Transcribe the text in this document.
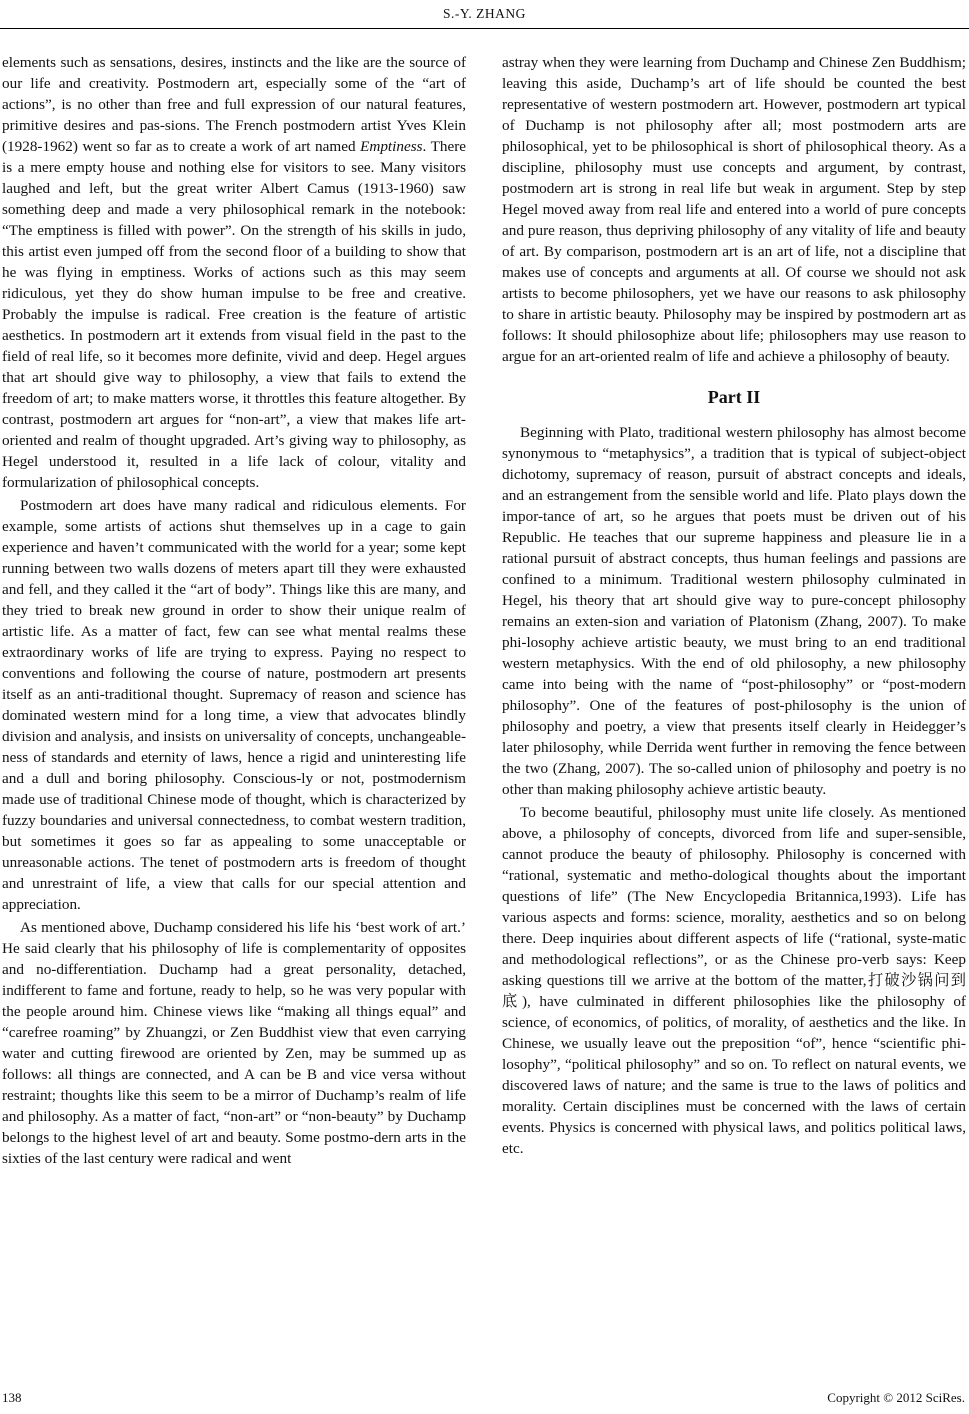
S.-Y. ZHANG

elements such as sensations, desires, instincts and the like are the source of our life and creativity. Postmodern art, especially some of the “art of actions”, is no other than free and full expression of our natural features, primitive desires and pas-sions. The French postmodern artist Yves Klein (1928-1962) went so far as to create a work of art named Emptiness. There is a mere empty house and nothing else for visitors to see. Many visitors laughed and left, but the great writer Albert Camus (1913-1960) saw something deep and made a very philosophical remark in the notebook: “The emptiness is filled with power”. On the strength of his skills in judo, this artist even jumped off from the second floor of a building to show that he was flying in emptiness. Works of actions such as this may seem ridiculous, yet they do show human impulse to be free and creative. Probably the impulse is radical. Free creation is the feature of artistic aesthetics. In postmodern art it extends from visual field in the past to the field of real life, so it becomes more definite, vivid and deep. Hegel argues that art should give way to philosophy, a view that fails to extend the freedom of art; to make matters worse, it throttles this feature altogether. By contrast, postmodern art argues for “non-art”, a view that makes life art-oriented and realm of thought upgraded. Art’s giving way to philosophy, as Hegel understood it, resulted in a life lack of colour, vitality and formularization of philosophical concepts.

Postmodern art does have many radical and ridiculous elements. For example, some artists of actions shut themselves up in a cage to gain experience and haven’t communicated with the world for a year; some kept running between two walls dozens of meters apart till they were exhausted and fell, and they called it the “art of body”. Things like this are many, and they tried to break new ground in order to show their unique realm of artistic life. As a matter of fact, few can see what mental realms these extraordinary works of life are trying to express. Paying no respect to conventions and following the course of nature, postmodern art presents itself as an anti-traditional thought. Supremacy of reason and science has dominated western mind for a long time, a view that advocates blindly division and analysis, and insists on universality of concepts, unchangeable-ness of standards and eternity of laws, hence a rigid and uninteresting life and a dull and boring philosophy. Conscious-ly or not, postmodernism made use of traditional Chinese mode of thought, which is characterized by fuzzy boundaries and universal connectedness, to combat western tradition, but sometimes it goes so far as appealing to some unacceptable or unreasonable actions. The tenet of postmodern arts is freedom of thought and unrestraint of life, a view that calls for our special attention and appreciation.

As mentioned above, Duchamp considered his life his ‘best work of art.’ He said clearly that his philosophy of life is complementarity of opposites and no-differentiation. Duchamp had a great personality, detached, indifferent to fame and fortune, ready to help, so he was very popular with the people around him. Chinese views like “making all things equal” and “carefree roaming” by Zhuangzi, or Zen Buddhist view that even carrying water and cutting firewood are oriented by Zen, may be summed up as follows: all things are connected, and A can be B and vice versa without restraint; thoughts like this seem to be a mirror of Duchamp’s realm of life and philosophy. As a matter of fact, “non-art” or “non-beauty” by Duchamp belongs to the highest level of art and beauty. Some postmo-dern arts in the sixties of the last century were radical and went

astray when they were learning from Duchamp and Chinese Zen Buddhism; leaving this aside, Duchamp’s art of life should be counted the best representative of western postmodern art. However, postmodern art typical of Duchamp is not philosophy after all; most postmodern arts are philosophical, yet to be philosophical is short of philosophical theory. As a discipline, philosophy must use concepts and argument, by contrast, postmodern art is strong in real life but weak in argument. Step by step Hegel moved away from real life and entered into a world of pure concepts and pure reason, thus depriving philosophy of any vitality of life and beauty of art. By comparison, postmodern art is an art of life, not a discipline that makes use of concepts and arguments at all. Of course we should not ask artists to become philosophers, yet we have our reasons to ask philosophy to share in artistic beauty. Philosophy may be inspired by postmodern art as follows: It should philosophize about life; philosophers may use reason to argue for an art-oriented realm of life and achieve a philosophy of beauty.

Part II

Beginning with Plato, traditional western philosophy has almost become synonymous to “metaphysics”, a tradition that is typical of subject-object dichotomy, supremacy of reason, pursuit of abstract concepts and ideals, and an estrangement from the sensible world and life. Plato plays down the impor-tance of art, so he argues that poets must be driven out of his Republic. He teaches that our supreme happiness and pleasure lie in a rational pursuit of abstract concepts, thus human feelings and passions are confined to a minimum. Traditional western philosophy culminated in Hegel, his theory that art should give way to pure-concept philosophy remains an exten-sion and variation of Platonism (Zhang, 2007). To make phi-losophy achieve artistic beauty, we must bring to an end traditional western metaphysics. With the end of old philosophy, a new philosophy came into being with the name of “post-philosophy” or “post-modern philosophy”. One of the features of post-philosophy is the union of philosophy and poetry, a view that presents itself clearly in Heidegger’s later philosophy, while Derrida went further in removing the fence between the two (Zhang, 2007). The so-called union of philosophy and poetry is no other than making philosophy achieve artistic beauty.

To become beautiful, philosophy must unite life closely. As mentioned above, a philosophy of concepts, divorced from life and super-sensible, cannot produce the beauty of philosophy. Philosophy is concerned with “rational, systematic and metho-dological thoughts about the important questions of life” (The New Encyclopedia Britannica,1993). Life has various aspects and forms: science, morality, aesthetics and so on belong there. Deep inquiries about different aspects of life (“rational, syste-matic and methodological reflections”, or as the Chinese pro-verb says: Keep asking questions till we arrive at the bottom of the matter,打破沙锅问到底), have culminated in different philosophies like the philosophy of science, of economics, of politics, of morality, of aesthetics and the like. In Chinese, we usually leave out the preposition “of”, hence “scientific phi-losophy”, “political philosophy” and so on. To reflect on natural events, we discovered laws of nature; and the same is true to the laws of politics and morality. Certain disciplines must be concerned with the laws of certain events. Physics is concerned with physical laws, and politics political laws, etc.

138	Copyright © 2012 SciRes.
